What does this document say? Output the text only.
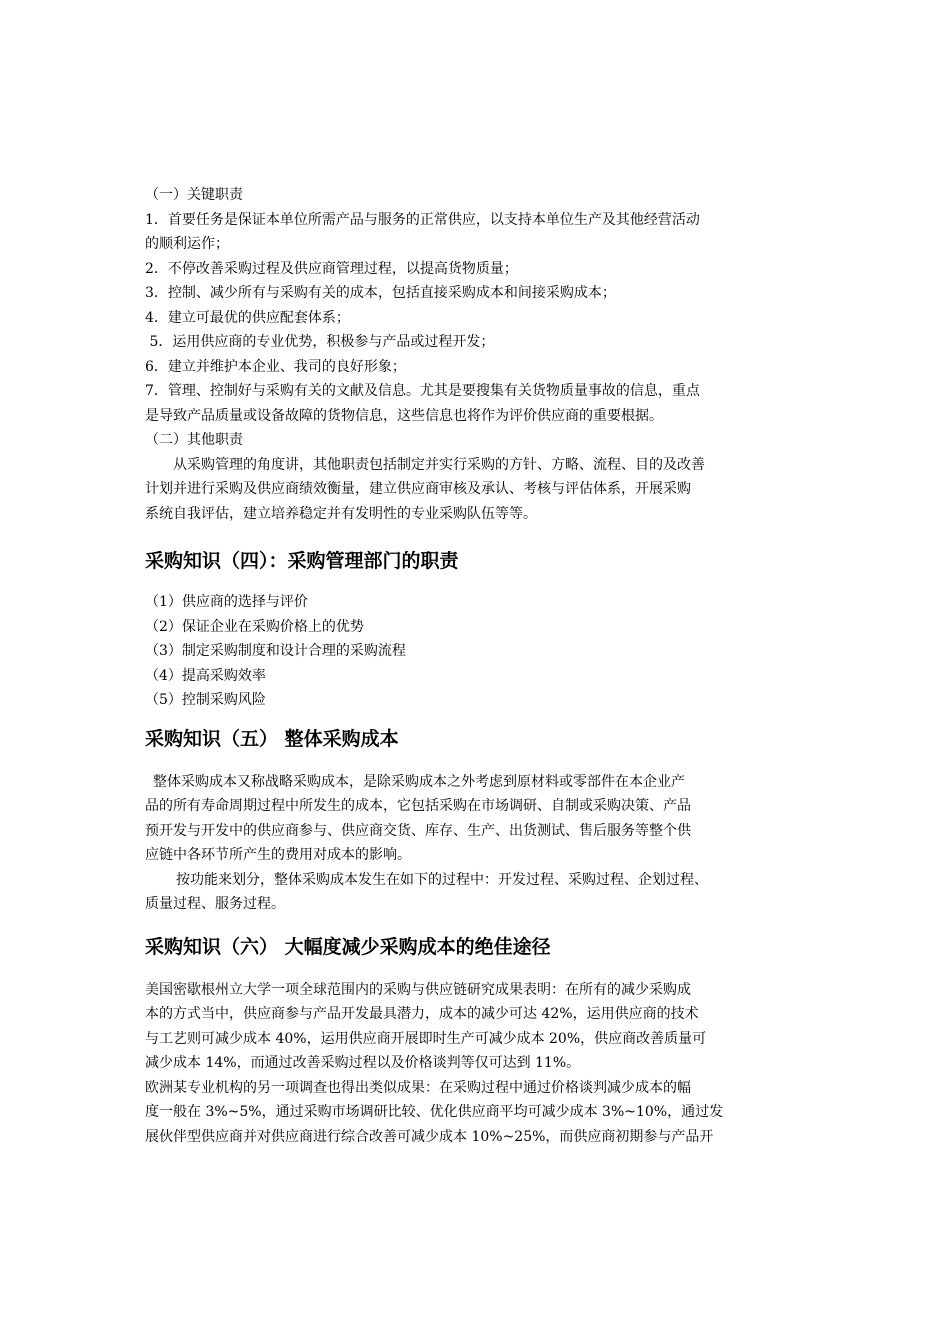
（一）关键职责
1．首要任务是保证本单位所需产品与服务的正常供应，以支持本单位生产及其他经营活动
的顺利运作；
2．不停改善采购过程及供应商管理过程，以提高货物质量；
3．控制、减少所有与采购有关的成本，包括直接采购成本和间接采购成本；
4．建立可最优的供应配套体系；
5．运用供应商的专业优势，积极参与产品或过程开发；
6．建立并维护本企业、我司的良好形象；
7．管理、控制好与采购有关的文献及信息。尤其是要搜集有关货物质量事故的信息，重点
是导致产品质量或设备故障的货物信息，这些信息也将作为评价供应商的重要根据。
（二）其他职责
从采购管理的角度讲，其他职责包括制定并实行采购的方针、方略、流程、目的及改善
计划并进行采购及供应商绩效衡量，建立供应商审核及承认、考核与评估体系，开展采购
系统自我评估，建立培养稳定并有发明性的专业采购队伍等等。
采购知识（四）：采购管理部门的职责
（1）供应商的选择与评价
（2）保证企业在采购价格上的优势
（3）制定采购制度和设计合理的采购流程
（4）提高采购效率
（5）控制采购风险
采购知识（五） 整体采购成本
整体采购成本又称战略采购成本，是除采购成本之外考虑到原材料或零部件在本企业产
品的所有寿命周期过程中所发生的成本，它包括采购在市场调研、自制或采购决策、产品
预开发与开发中的供应商参与、供应商交货、库存、生产、出货测试、售后服务等整个供
应链中各环节所产生的费用对成本的影响。
按功能来划分，整体采购成本发生在如下的过程中：开发过程、采购过程、企划过程、
质量过程、服务过程。
采购知识（六） 大幅度减少采购成本的绝佳途径
美国密歇根州立大学一项全球范围内的采购与供应链研究成果表明：在所有的减少采购成
本的方式当中，供应商参与产品开发最具潜力，成本的减少可达 42%，运用供应商的技术
与工艺则可减少成本 40%，运用供应商开展即时生产可减少成本 20%，供应商改善质量可
减少成本 14%，而通过改善采购过程以及价格谈判等仅可达到 11%。
欧洲某专业机构的另一项调查也得出类似成果：在采购过程中通过价格谈判减少成本的幅
度一般在 3%~5%，通过采购市场调研比较、优化供应商平均可减少成本 3%~10%，通过发
展伙伴型供应商并对供应商进行综合改善可减少成本 10%~25%，而供应商初期参与产品开
